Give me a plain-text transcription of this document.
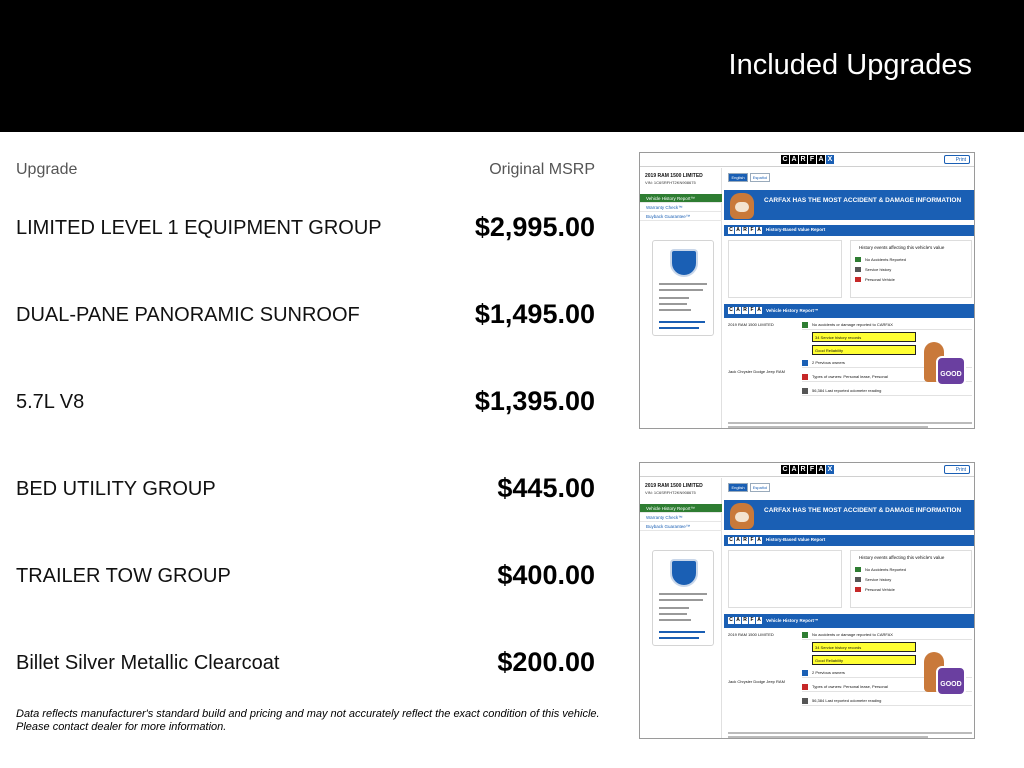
Included Upgrades
Upgrade	Original MSRP
LIMITED LEVEL 1 EQUIPMENT GROUP	$2,995.00
DUAL-PANE PANORAMIC SUNROOF	$1,495.00
5.7L V8	$1,395.00
BED UTILITY GROUP	$445.00
TRAILER TOW GROUP	$400.00
Billet Silver Metallic Clearcoat	$200.00
Data reflects manufacturer's standard build and pricing and may not accurately reflect the exact condition of this vehicle. Please contact dealer for more information.
C A R F A X	Print
2019 RAM 1500 LIMITED
VIN: 1C6SRFHT2KN908675
Vehicle History Report™
Warranty Check™
Buyback Guarantee™
English	Español
CARFAX HAS THE MOST ACCIDENT & DAMAGE INFORMATION
C A R F A History-Based Value Report
History events affecting this vehicle's value
No Accidents Reported
Service history
Personal Vehicle
C A R F A Vehicle History Report™
2019 RAM 1500 LIMITED
Jack Chrysler Dodge Jeep RAM
No accidents or damage reported to CARFAX
34 Service history records
Good Reliability
2 Previous owners
Types of owners: Personal lease, Personal
56,384 Last reported odometer reading
GOOD
C A R F A X	Print
2019 RAM 1500 LIMITED
VIN: 1C6SRFHT2KN908675
Vehicle History Report™
Warranty Check™
Buyback Guarantee™
English	Español
CARFAX HAS THE MOST ACCIDENT & DAMAGE INFORMATION
C A R F A History-Based Value Report
History events affecting this vehicle's value
No Accidents Reported
Service history
Personal Vehicle
C A R F A Vehicle History Report™
2019 RAM 1500 LIMITED
Jack Chrysler Dodge Jeep RAM
No accidents or damage reported to CARFAX
34 Service history records
Good Reliability
2 Previous owners
Types of owners: Personal lease, Personal
56,384 Last reported odometer reading
GOOD
